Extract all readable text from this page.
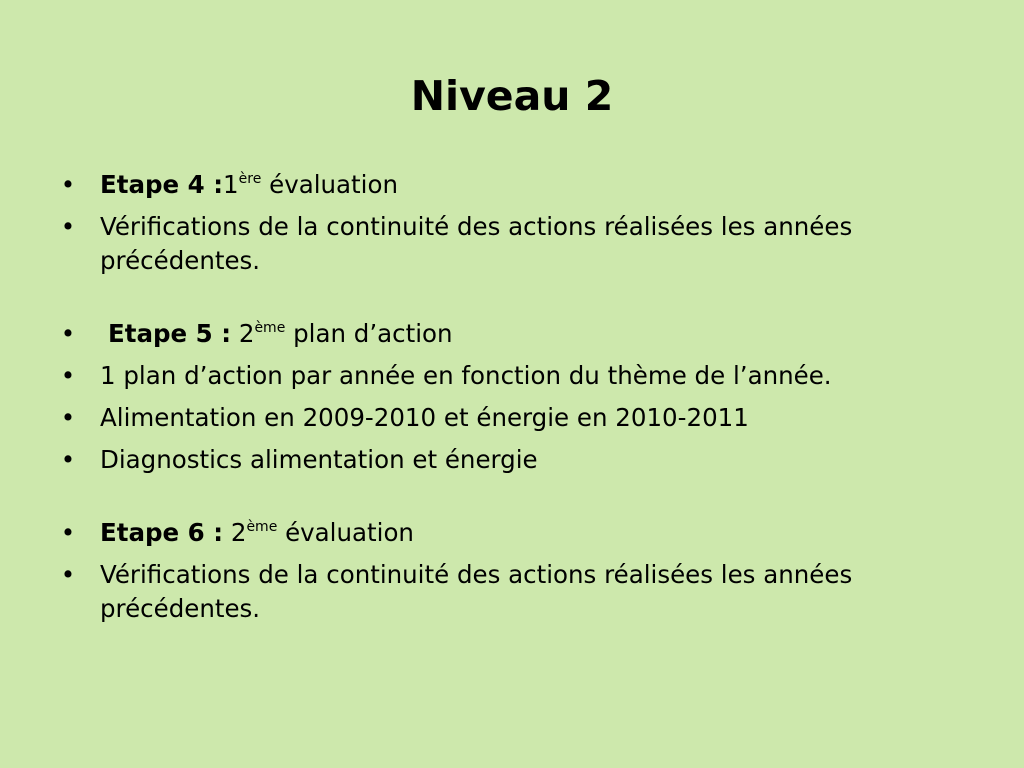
Niveau 2
• Etape 4 :1ère évaluation
• Vérifications de la continuité des actions réalisées les années précédentes.
• Etape 5 : 2ème plan d’action
• 1 plan d’action par année en fonction du thème de l’année.
• Alimentation en 2009-2010 et énergie en 2010-2011
• Diagnostics alimentation et énergie
• Etape 6 : 2ème évaluation
• Vérifications de la continuité des actions réalisées les années précédentes.
